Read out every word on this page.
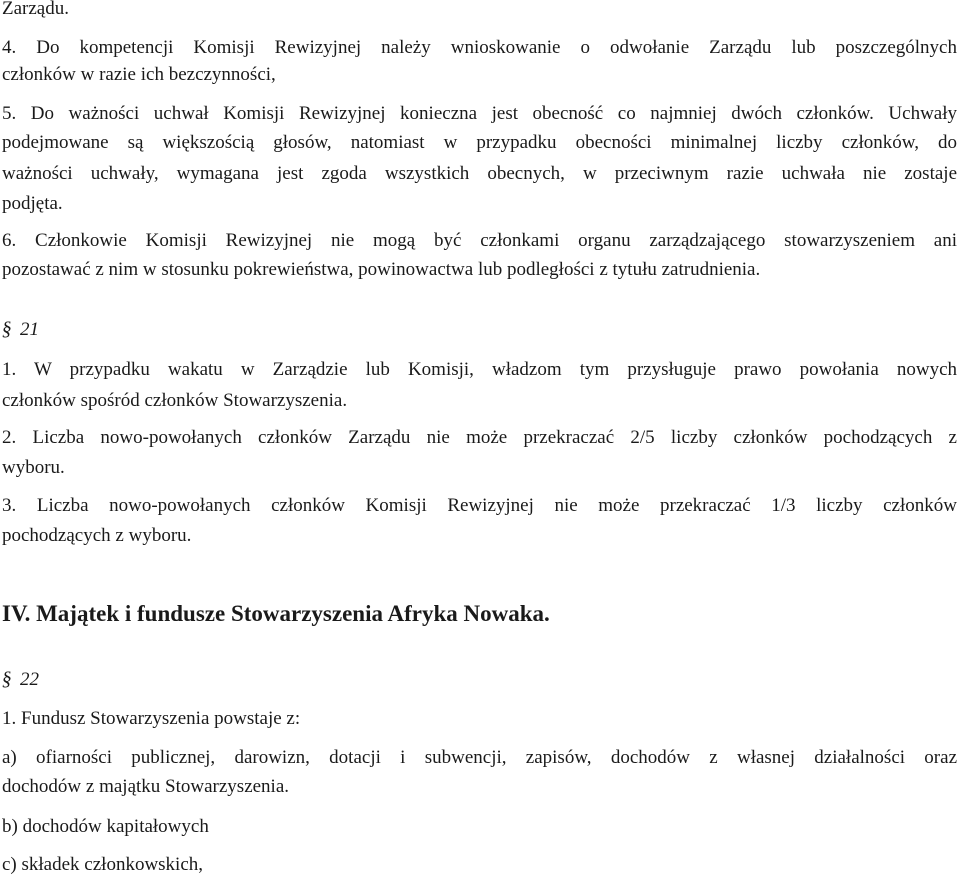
Zarządu.
4. Do kompetencji Komisji Rewizyjnej należy wnioskowanie o odwołanie Zarządu lub poszczególnych
członków w razie ich bezczynności,
5. Do ważności uchwał Komisji Rewizyjnej konieczna jest obecność co najmniej dwóch członków. Uchwały
podejmowane są większością głosów, natomiast w przypadku obecności minimalnej liczby członków, do
ważności uchwały, wymagana jest zgoda wszystkich obecnych, w przeciwnym razie uchwała nie zostaje
podjęta.
6. Członkowie Komisji Rewizyjnej nie mogą być członkami organu zarządzającego stowarzyszeniem ani
pozostawać z nim w stosunku pokrewieństwa, powinowactwa lub podległości z tytułu zatrudnienia.
§ 21
1. W przypadku wakatu w Zarządzie lub Komisji, władzom tym przysługuje prawo powołania nowych
członków spośród członków Stowarzyszenia.
2. Liczba nowo-powołanych członków Zarządu nie może przekraczać 2/5 liczby członków pochodzących z
wyboru.
3. Liczba nowo-powołanych członków Komisji Rewizyjnej nie może przekraczać 1/3 liczby członków
pochodzących z wyboru.
IV. Majątek i fundusze Stowarzyszenia Afryka Nowaka.
§ 22
1. Fundusz Stowarzyszenia powstaje z:
a) ofiarności publicznej, darowizn, dotacji i subwencji, zapisów, dochodów z własnej działalności oraz
dochodów z majątku Stowarzyszenia.
b) dochodów kapitałowych
c) składek członkowskich,
